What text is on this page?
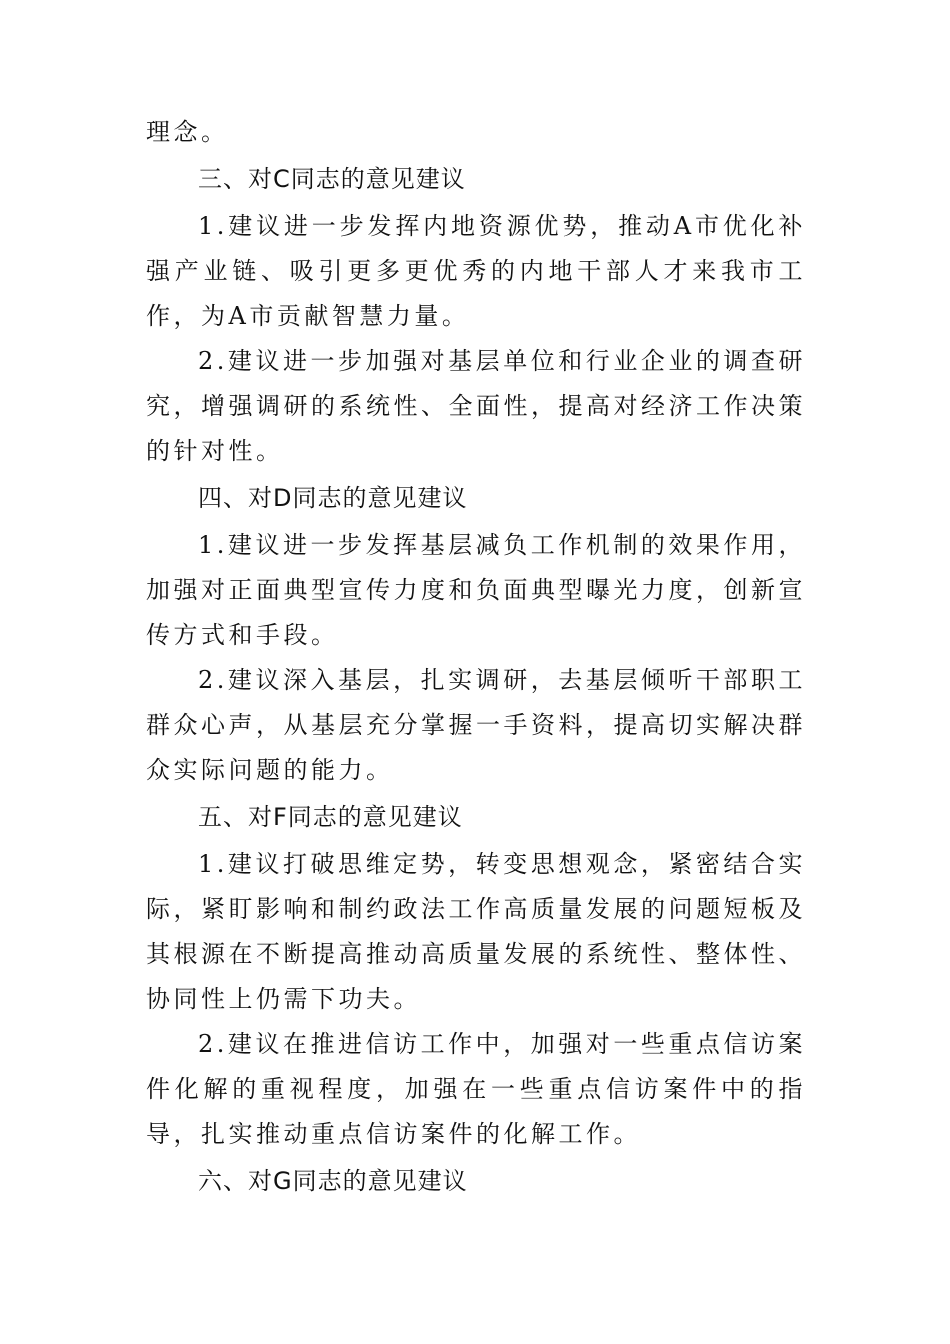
理念。

三、对C同志的意见建议

1.建议进一步发挥内地资源优势，推动A市优化补强产业链、吸引更多更优秀的内地干部人才来我市工作，为A市贡献智慧力量。

2.建议进一步加强对基层单位和行业企业的调查研究，增强调研的系统性、全面性，提高对经济工作决策的针对性。

四、对D同志的意见建议

1.建议进一步发挥基层减负工作机制的效果作用，加强对正面典型宣传力度和负面典型曝光力度，创新宣传方式和手段。

2.建议深入基层，扎实调研，去基层倾听干部职工群众心声，从基层充分掌握一手资料，提高切实解决群众实际问题的能力。

五、对F同志的意见建议

1.建议打破思维定势，转变思想观念，紧密结合实际，紧盯影响和制约政法工作高质量发展的问题短板及其根源在不断提高推动高质量发展的系统性、整体性、协同性上仍需下功夫。

2.建议在推进信访工作中，加强对一些重点信访案件化解的重视程度，加强在一些重点信访案件中的指导，扎实推动重点信访案件的化解工作。

六、对G同志的意见建议
